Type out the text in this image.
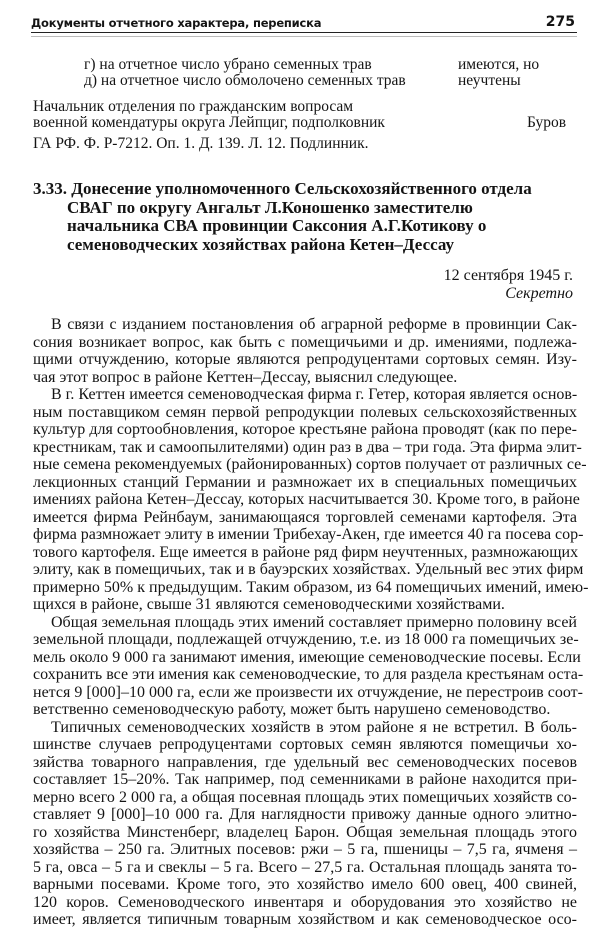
Документы отчетного характера, переписка	275
г) на отчетное число убрано семенных трав
д) на отчетное число обмолочено семенных трав
имеются, но
неучтены
Начальник отделения по гражданским вопросам
военной комендатуры округа Лейпциг, подполковник	Буров
ГА РФ. Ф. Р-7212. Оп. 1. Д. 139. Л. 12. Подлинник.
3.33. Донесение уполномоченного Сельскохозяйственного отдела
СВАГ по округу Ангальт Л.Коношенко заместителю
начальника СВА провинции Саксония А.Г.Котикову о
семеноводческих хозяйствах района Кетен–Дессау
12 сентября 1945 г.
Секретно
В связи с изданием постановления об аграрной реформе в провинции Сак-
сония возникает вопрос, как быть с помещичьими и др. имениями, подлежа-
щими отчуждению, которые являются репродуцентами сортовых семян. Изу-
чая этот вопрос в районе Кеттен–Дессау, выяснил следующее.
В г. Кеттен имеется семеноводческая фирма г. Гетер, которая является основ-
ным поставщиком семян первой репродукции полевых сельскохозяйственных
культур для сортообновления, которое крестьяне района проводят (как по пере-
крестникам, так и самоопылителями) один раз в два – три года. Эта фирма элит-
ные семена рекомендуемых (районированных) сортов получает от различных се-
лекционных станций Германии и размножает их в специальных помещичьих
имениях района Кетен–Дессау, которых насчитывается 30. Кроме того, в районе
имеется фирма Рейнбаум, занимающаяся торговлей семенами картофеля. Эта
фирма размножает элиту в имении Трибехау-Акен, где имеется 40 га посева сор-
тового картофеля. Еще имеется в районе ряд фирм неучтенных, размножающих
элиту, как в помещичьих, так и в бауэрских хозяйствах. Удельный вес этих фирм
примерно 50% к предыдущим. Таким образом, из 64 помещичьих имений, имею-
щихся в районе, свыше 31 являются семеноводческими хозяйствами.
Общая земельная площадь этих имений составляет примерно половину всей
земельной площади, подлежащей отчуждению, т.е. из 18 000 га помещичьих зе-
мель около 9 000 га занимают имения, имеющие семеноводческие посевы. Если
сохранить все эти имения как семеноводческие, то для раздела крестьянам оста-
нется 9 [000]–10 000 га, если же произвести их отчуждение, не перестроив соот-
ветственно семеноводческую работу, может быть нарушено семеноводство.
Типичных семеноводческих хозяйств в этом районе я не встретил. В боль-
шинстве случаев репродуцентами сортовых семян являются помещичьи хо-
зяйства товарного направления, где удельный вес семеноводческих посевов
составляет 15–20%. Так например, под семенниками в районе находится при-
мерно всего 2 000 га, а общая посевная площадь этих помещичьих хозяйств со-
ставляет 9 [000]–10 000 га. Для наглядности привожу данные одного элитно-
го хозяйства Минстенберг, владелец Барон. Общая земельная площадь этого
хозяйства – 250 га. Элитных посевов: ржи – 5 га, пшеницы – 7,5 га, ячменя –
5 га, овса – 5 га и свеклы – 5 га. Всего – 27,5 га. Остальная площадь занята то-
варными посевами. Кроме того, это хозяйство имело 600 овец, 400 свиней,
120 коров. Семеноводческого инвентаря и оборудования это хозяйство не
имеет, является типичным товарным хозяйством и как семеноводческое осо-
